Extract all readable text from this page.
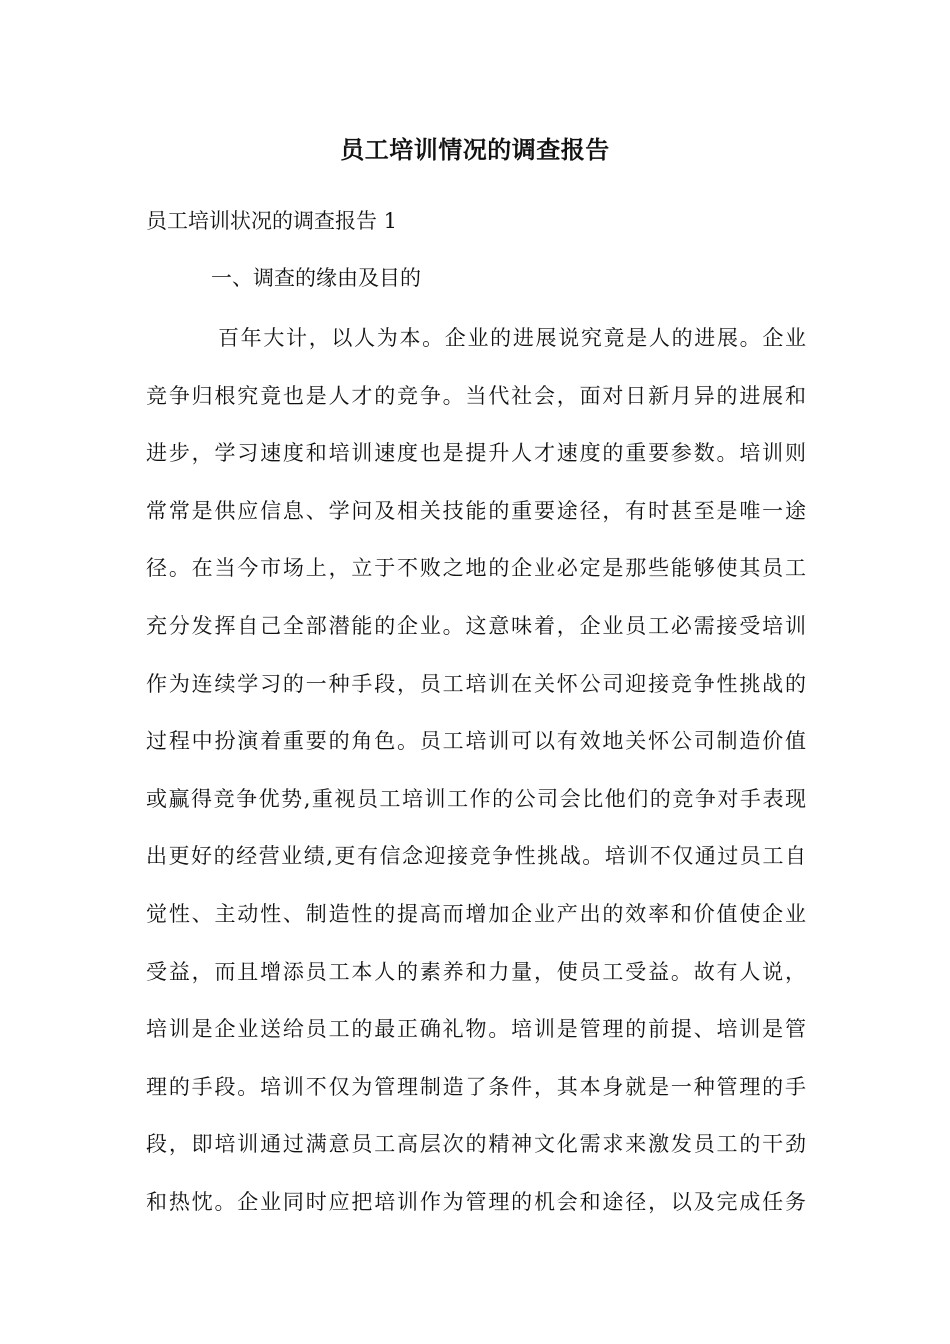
员工培训情况的调查报告
员工培训状况的调查报告 1
一、调查的缘由及目的
百年大计，以人为本。企业的进展说究竟是人的进展。企业
竞争归根究竟也是人才的竞争。当代社会，面对日新月异的进展和
进步，学习速度和培训速度也是提升人才速度的重要参数。培训则
常常是供应信息、学问及相关技能的重要途径，有时甚至是唯一途
径。在当今市场上，立于不败之地的企业必定是那些能够使其员工
充分发挥自己全部潜能的企业。这意味着，企业员工必需接受培训
作为连续学习的一种手段，员工培训在关怀公司迎接竞争性挑战的
过程中扮演着重要的角色。员工培训可以有效地关怀公司制造价值
或赢得竞争优势,重视员工培训工作的公司会比他们的竞争对手表现
出更好的经营业绩,更有信念迎接竞争性挑战。培训不仅通过员工自
觉性、主动性、制造性的提高而增加企业产出的效率和价值使企业
受益，而且增添员工本人的素养和力量，使员工受益。故有人说，
培训是企业送给员工的最正确礼物。培训是管理的前提、培训是管
理的手段。培训不仅为管理制造了条件，其本身就是一种管理的手
段，即培训通过满意员工高层次的精神文化需求来激发员工的干劲
和热忱。企业同时应把培训作为管理的机会和途径，以及完成任务
